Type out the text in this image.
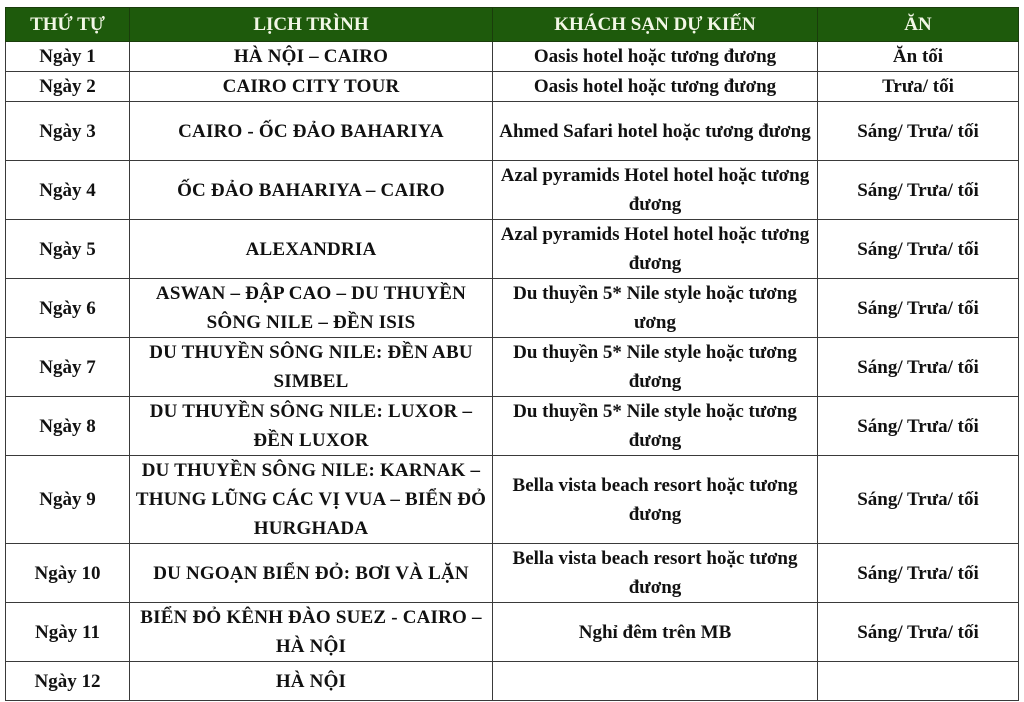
THỨ TỰ	LỊCH TRÌNH	KHÁCH SẠN DỰ KIẾN	ĂN
Ngày 1	HÀ NỘI – CAIRO	Oasis hotel hoặc tương đương	Ăn tối
Ngày 2	CAIRO CITY TOUR	Oasis hotel hoặc tương đương	Trưa/ tối
Ngày 3	CAIRO - ỐC ĐẢO BAHARIYA	Ahmed Safari hotel hoặc tương đương	Sáng/ Trưa/ tối
Ngày 4	ỐC ĐẢO BAHARIYA – CAIRO	Azal pyramids Hotel hotel hoặc tương đương	Sáng/ Trưa/ tối
Ngày 5	ALEXANDRIA	Azal pyramids Hotel hotel hoặc tương đương	Sáng/ Trưa/ tối
Ngày 6	ASWAN – ĐẬP CAO – DU THUYỀN SÔNG NILE – ĐỀN ISIS	Du thuyền 5* Nile style hoặc tương ương	Sáng/ Trưa/ tối
Ngày 7	DU THUYỀN SÔNG NILE: ĐỀN ABU SIMBEL	Du thuyền 5* Nile style hoặc tương đương	Sáng/ Trưa/ tối
Ngày 8	DU THUYỀN SÔNG NILE: LUXOR – ĐỀN LUXOR	Du thuyền 5* Nile style hoặc tương đương	Sáng/ Trưa/ tối
Ngày 9	DU THUYỀN SÔNG NILE: KARNAK – THUNG LŨNG CÁC VỊ VUA – BIỂN ĐỎ HURGHADA	Bella vista beach resort hoặc tương đương	Sáng/ Trưa/ tối
Ngày 10	DU NGOẠN BIỂN ĐỎ: BƠI VÀ LẶN	Bella vista beach resort hoặc tương đương	Sáng/ Trưa/ tối
Ngày 11	BIỂN ĐỎ KÊNH ĐÀO SUEZ - CAIRO – HÀ NỘI	Nghỉ đêm trên MB	Sáng/ Trưa/ tối
Ngày 12	HÀ NỘI		
